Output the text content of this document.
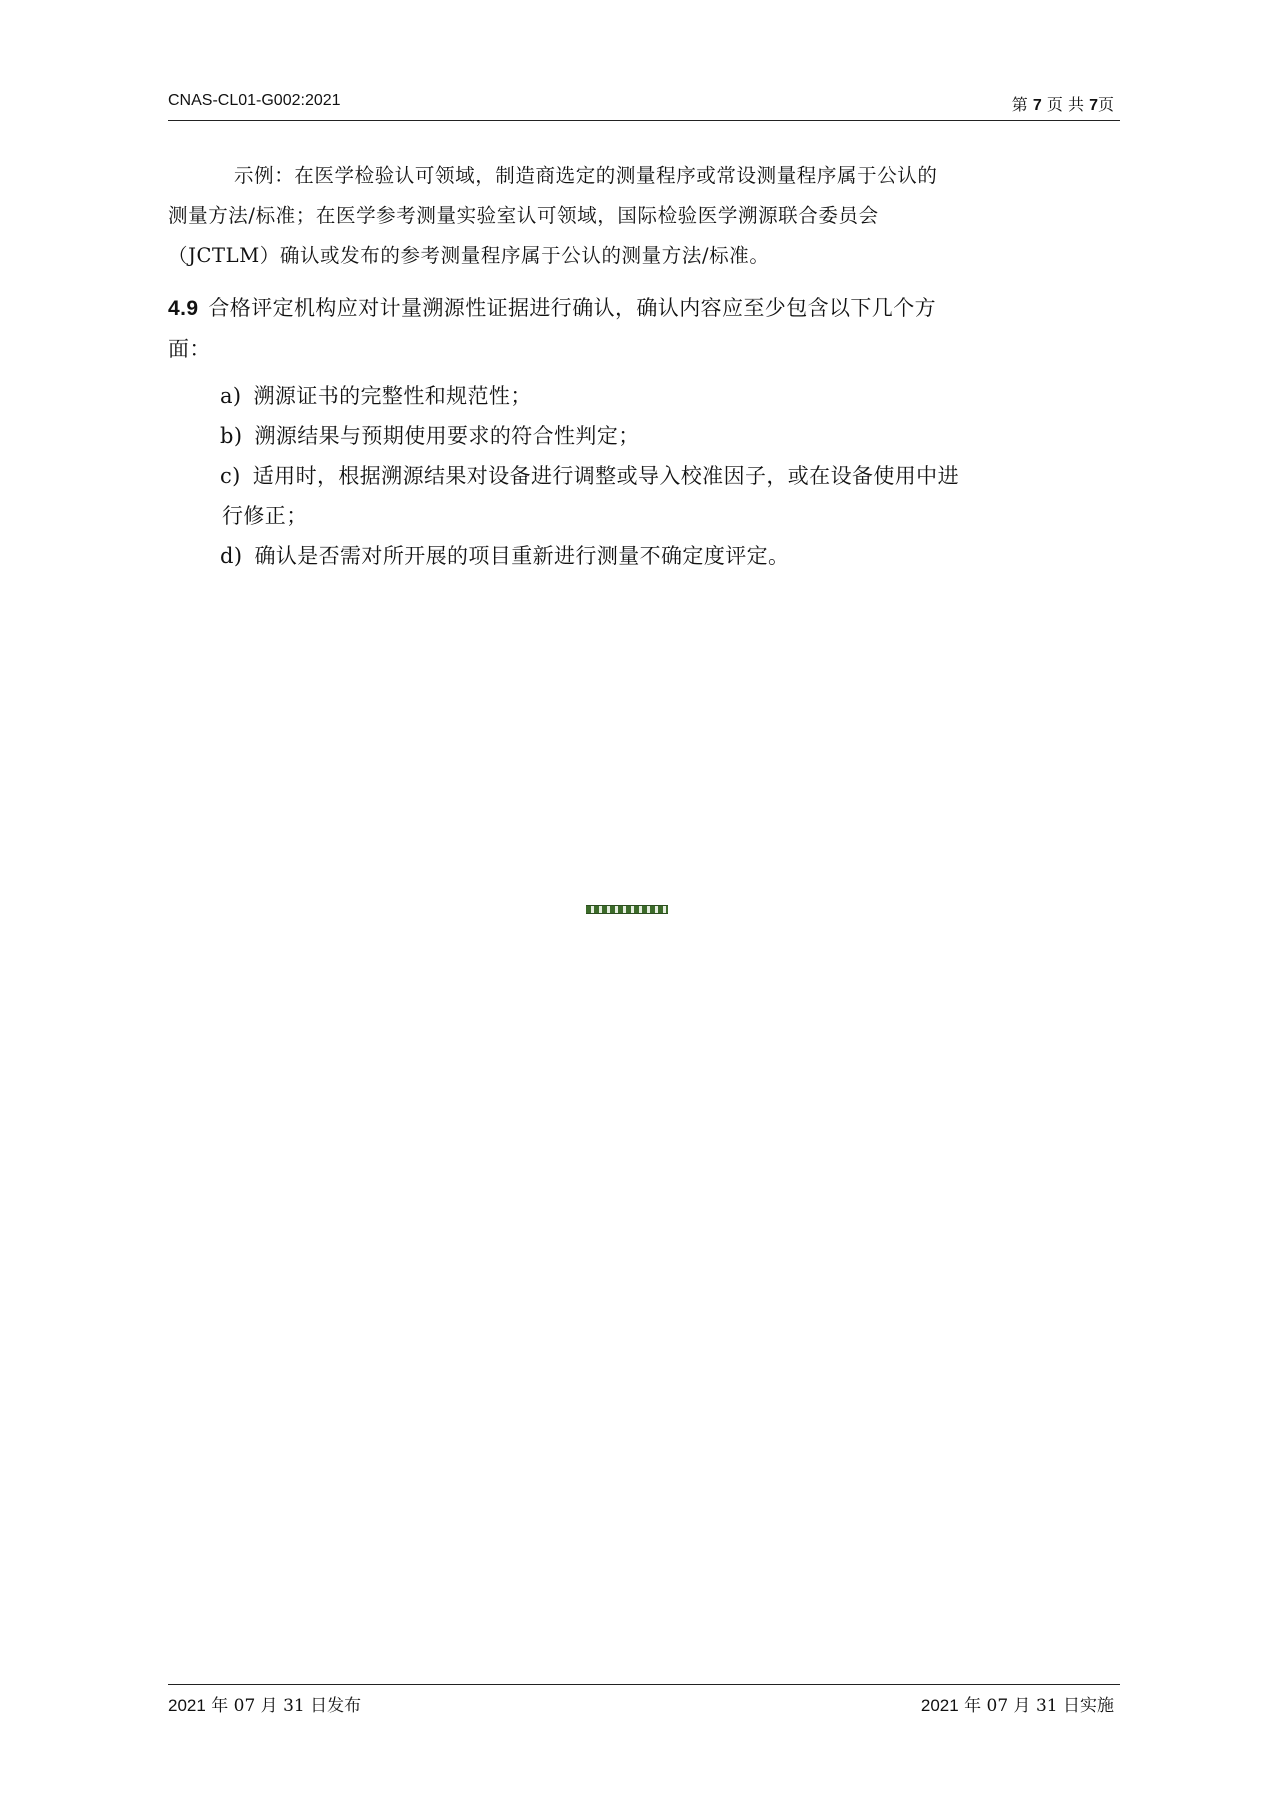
CNAS-CL01-G002:2021	第 7 页 共 7页
示例：在医学检验认可领域，制造商选定的测量程序或常设测量程序属于公认的
测量方法/标准；在医学参考测量实验室认可领域，国际检验医学溯源联合委员会
（JCTLM）确认或发布的参考测量程序属于公认的测量方法/标准。
4.9 合格评定机构应对计量溯源性证据进行确认，确认内容应至少包含以下几个方
面：
a) 溯源证书的完整性和规范性；
b) 溯源结果与预期使用要求的符合性判定；
c) 适用时，根据溯源结果对设备进行调整或导入校准因子，或在设备使用中进
行修正；
d) 确认是否需对所开展的项目重新进行测量不确定度评定。
2021 年 07 月 31 日发布	2021 年 07 月 31 日实施
